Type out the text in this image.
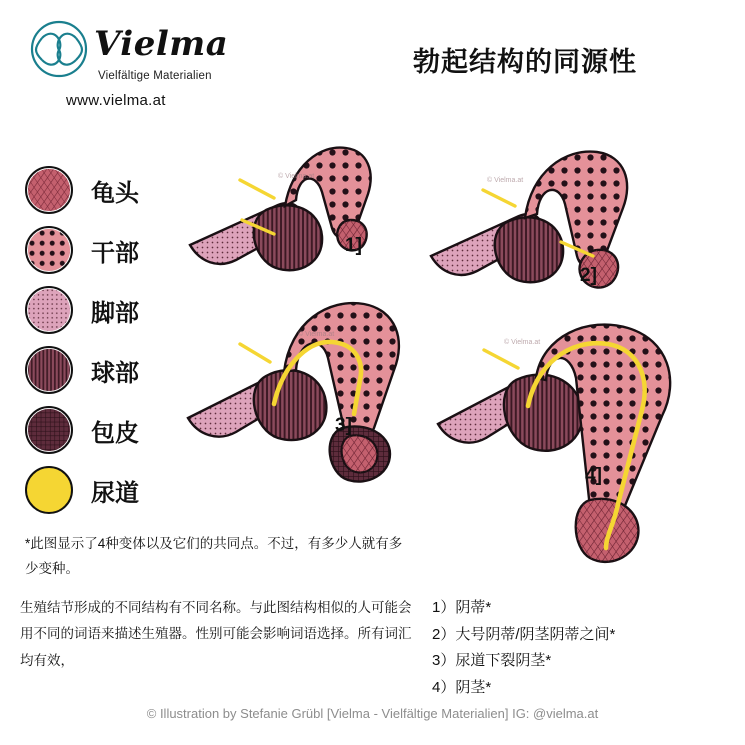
Vielma
Vielfältige Materialien
www.vielma.at
勃起结构的同源性
龟头
干部
脚部
球部
包皮
尿道
© Vielma.at
© Vielma.at
© Vielma.at
© Vielma.at
1]
2]
3]
4]
*此图显示了4种变体以及它们的共同点。不过，有多少人就有多少变种。
生殖结节形成的不同结构有不同名称。与此图结构相似的人可能会用不同的词语来描述生殖器。性别可能会影响词语选择。所有词汇均有效，
1）阴蒂*
2）大号阴蒂/阴茎阴蒂之间*
3）尿道下裂阴茎*
4）阴茎*
© Illustration by Stefanie Grübl [Vielma - Vielfältige Materialien] IG: @vielma.at
